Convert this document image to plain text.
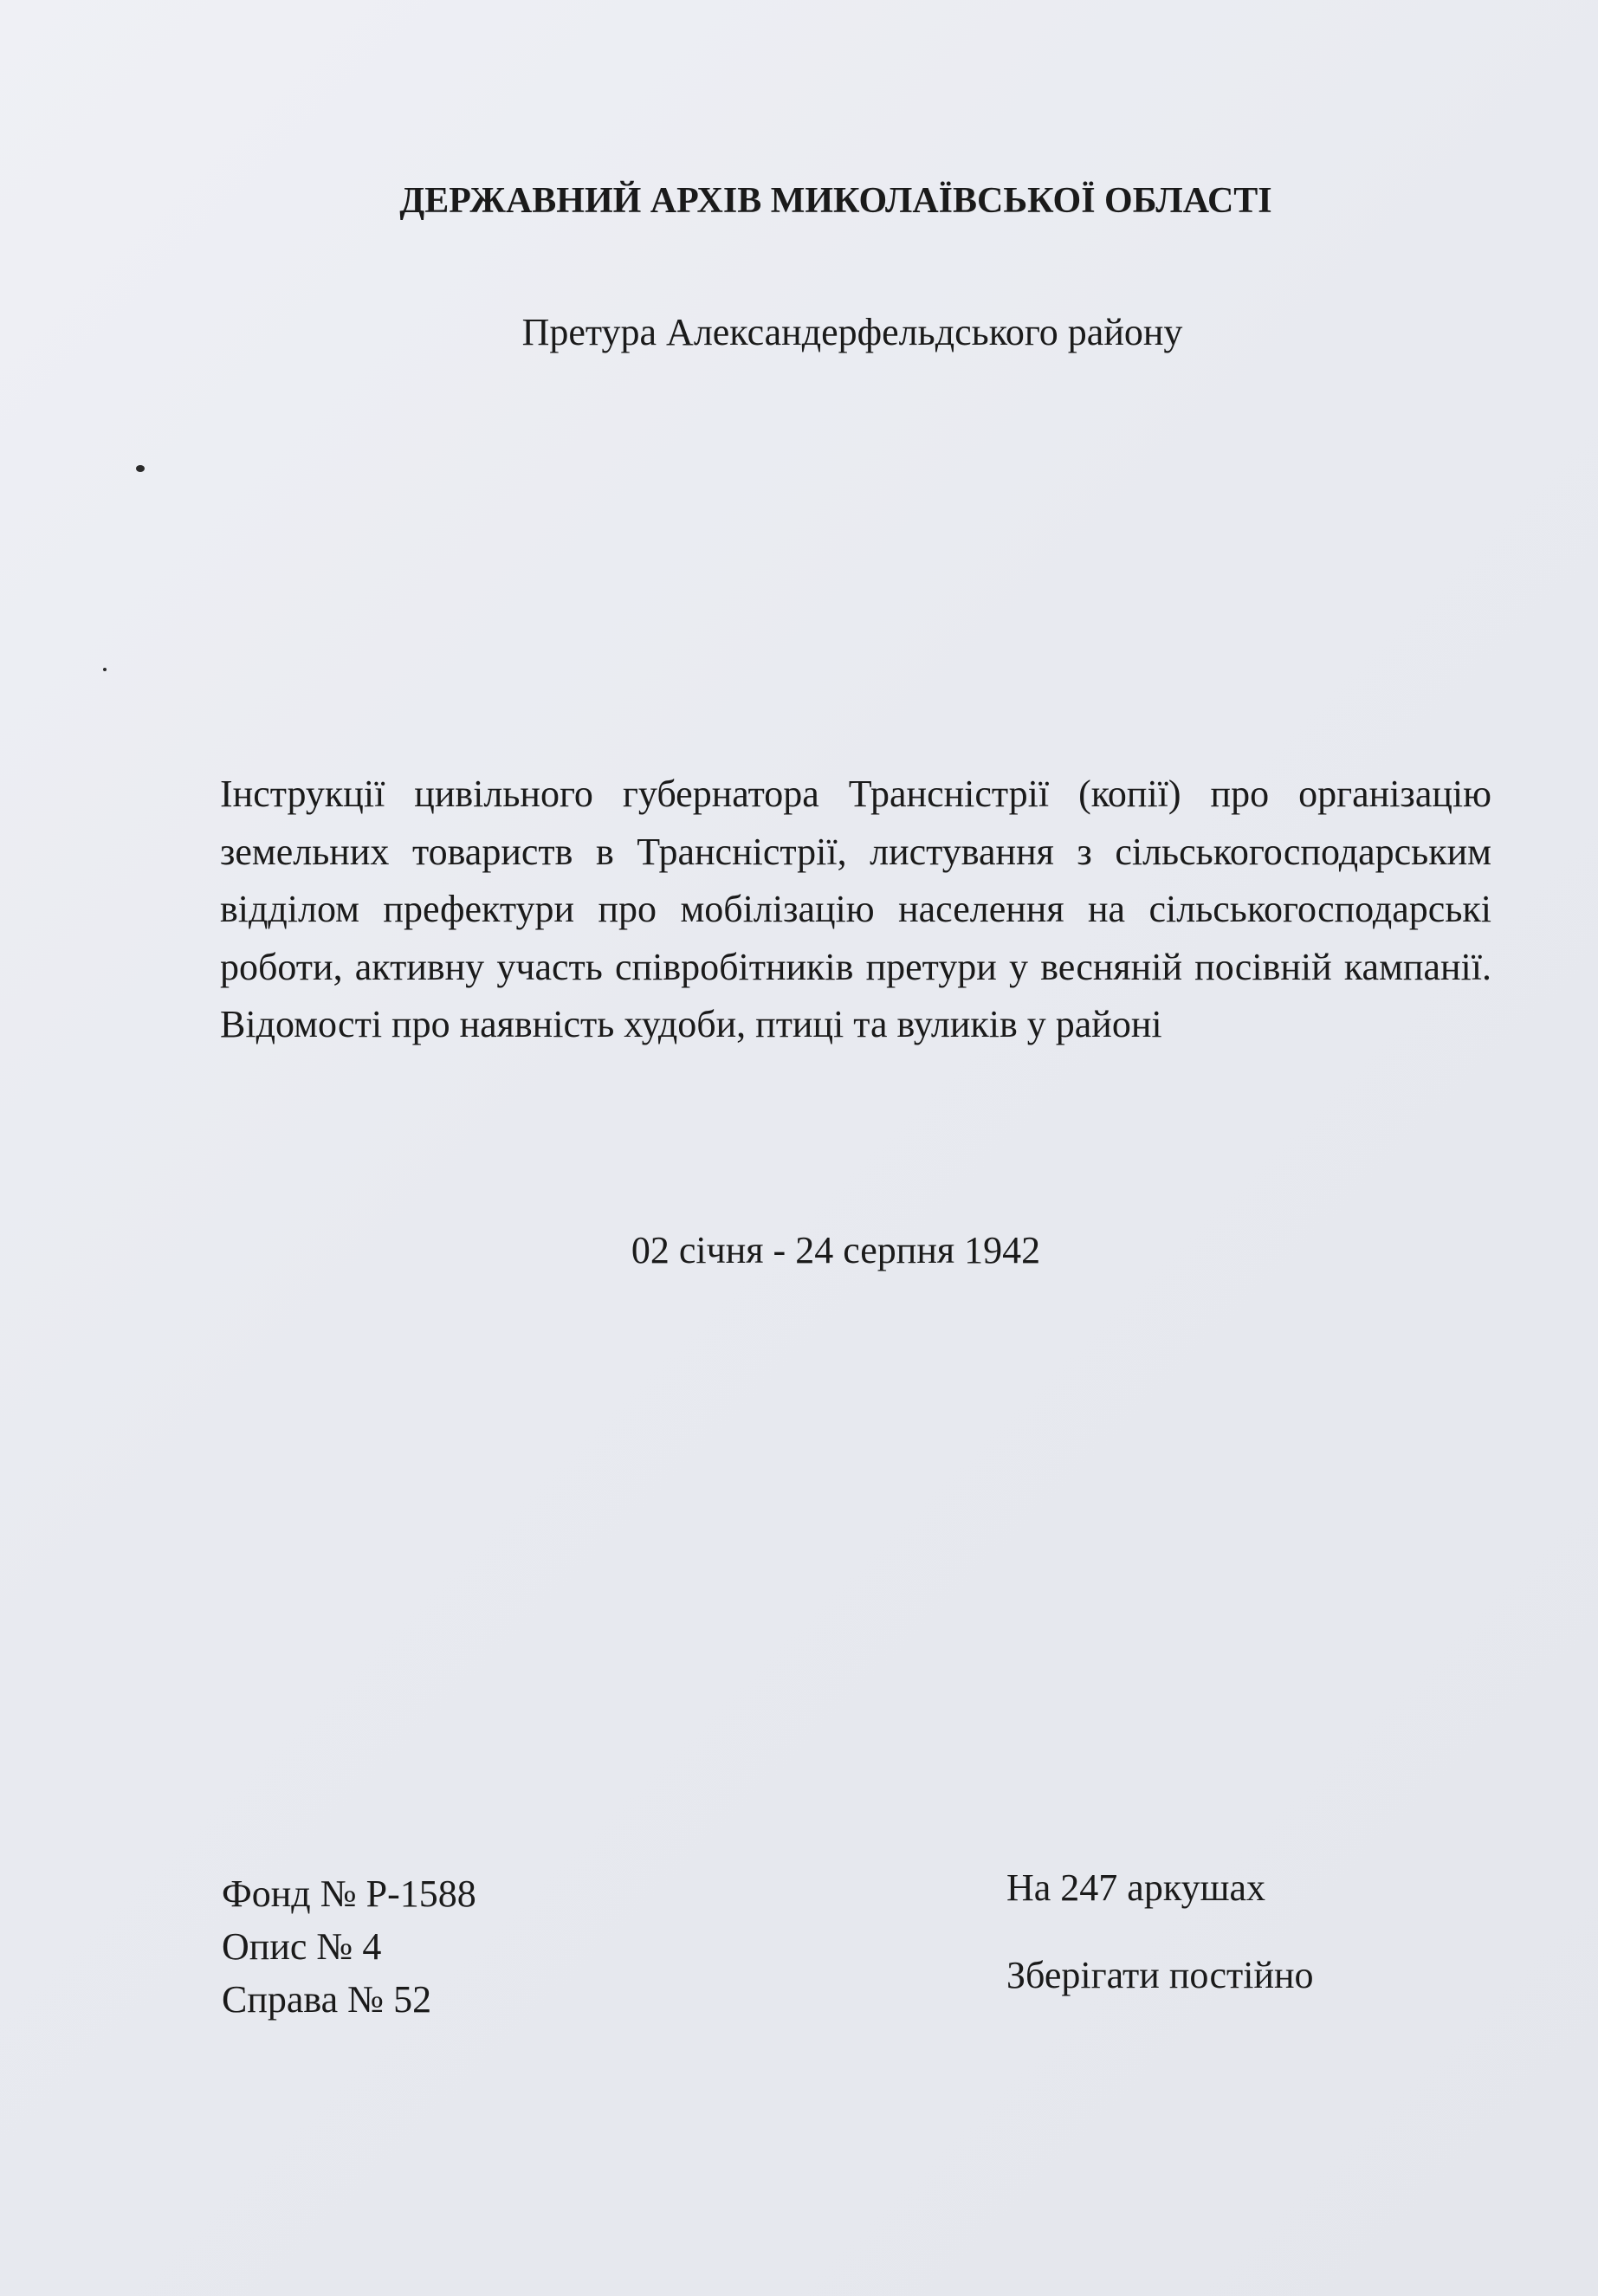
ДЕРЖАВНИЙ АРХІВ МИКОЛАЇВСЬКОЇ ОБЛАСТІ
Претура Александерфельдського району
Інструкції цивільного губернатора Трансністрії (копії) про організацію земельних товариств в Трансністрії, листування з сільськогосподарським відділом префектури про мобілізацію населення на сільськогосподарські роботи, активну участь співробітників претури у весняній посівній кампанії. Відомості про наявність худоби, птиці та вуликів у районі
02 січня - 24 серпня 1942
Фонд № Р-1588
Опис № 4
Справа № 52
На 247 аркушах
Зберігати постійно
